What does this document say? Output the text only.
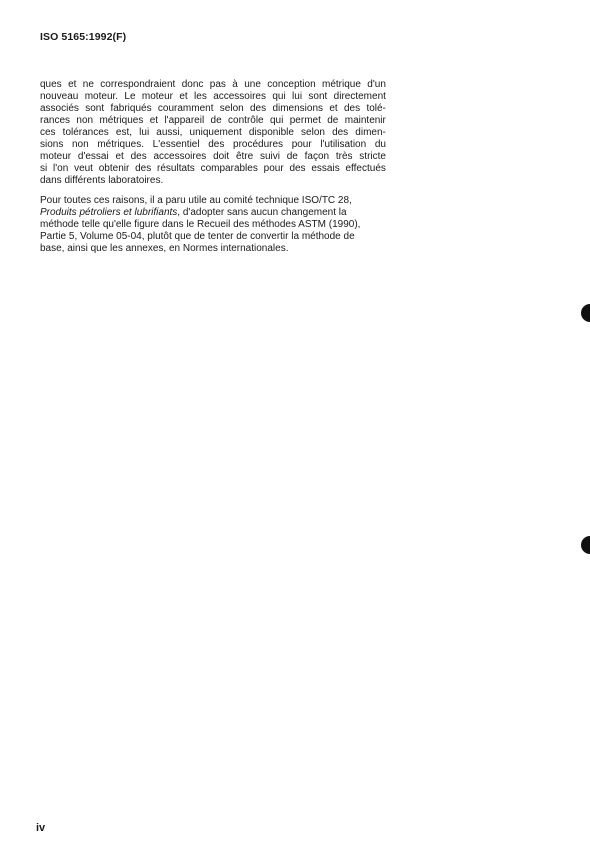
ISO 5165:1992(F)
ques et ne correspondraient donc pas à une conception métrique d'un
nouveau moteur. Le moteur et les accessoires qui lui sont directement
associés sont fabriqués couramment selon des dimensions et des tolé-
rances non métriques et l'appareil de contrôle qui permet de maintenir
ces tolérances est, lui aussi, uniquement disponible selon des dimen-
sions non métriques. L'essentiel des procédures pour l'utilisation du
moteur d'essai et des accessoires doit être suivi de façon très stricte
si l'on veut obtenir des résultats comparables pour des essais effectués
dans différents laboratoires.
Pour toutes ces raisons, il a paru utile au comité technique ISO/TC 28,
Produits pétroliers et lubrifiants, d'adopter sans aucun changement la
méthode telle qu'elle figure dans le Recueil des méthodes ASTM (1990),
Partie 5, Volume 05-04, plutôt que de tenter de convertir la méthode de
base, ainsi que les annexes, en Normes internationales.
iv
